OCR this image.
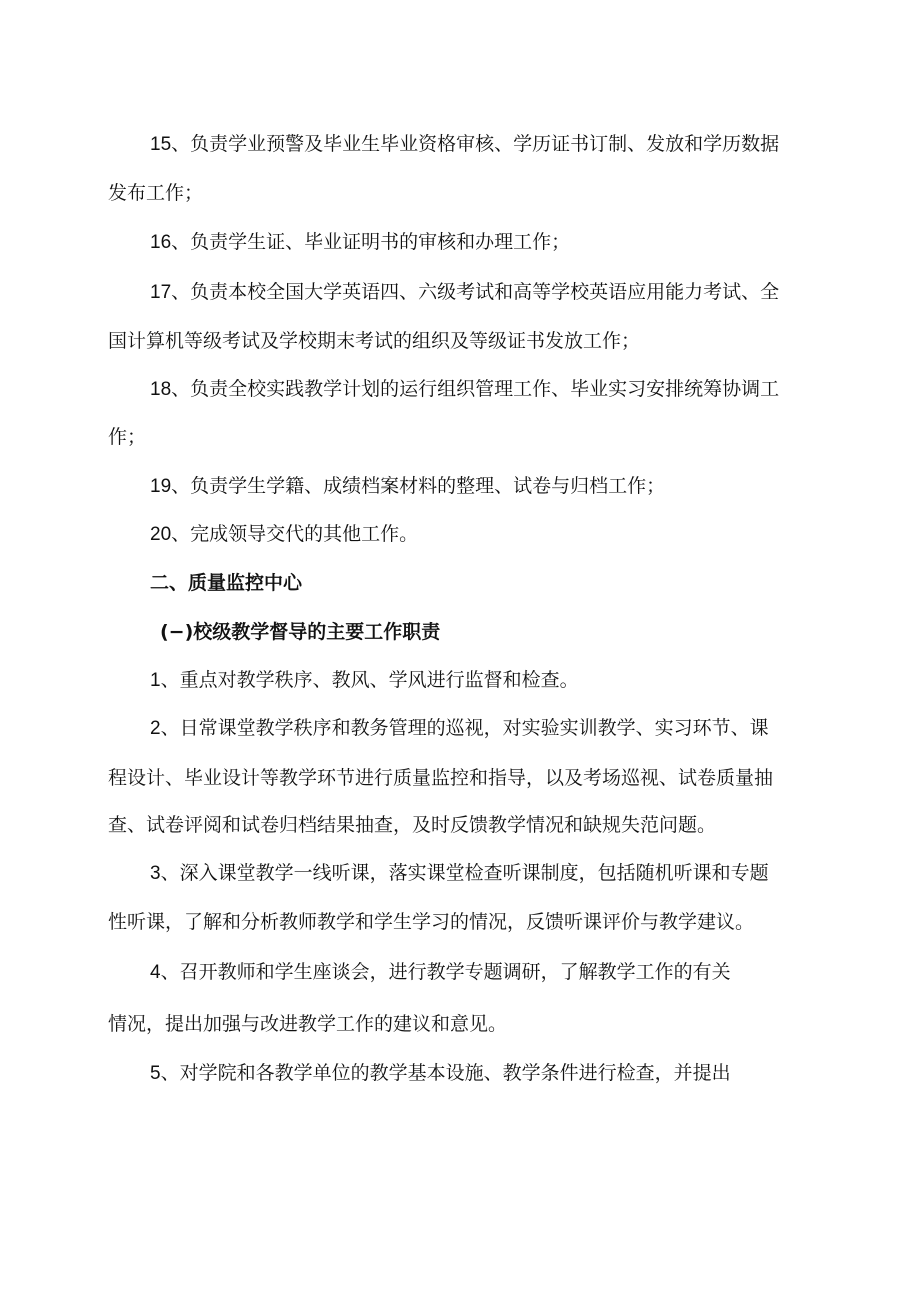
15、负责学业预警及毕业生毕业资格审核、学历证书订制、发放和学历数据
发布工作；
16、负责学生证、毕业证明书的审核和办理工作；
17、负责本校全国大学英语四、六级考试和高等学校英语应用能力考试、全
国计算机等级考试及学校期末考试的组织及等级证书发放工作；
18、负责全校实践教学计划的运行组织管理工作、毕业实习安排统筹协调工
作；
19、负责学生学籍、成绩档案材料的整理、试卷与归档工作；
20、完成领导交代的其他工作。
二、质量监控中心
(−)校级教学督导的主要工作职责
1、重点对教学秩序、教风、学风进行监督和检查。
2、日常课堂教学秩序和教务管理的巡视，对实验实训教学、实习环节、课
程设计、毕业设计等教学环节进行质量监控和指导，以及考场巡视、试卷质量抽
查、试卷评阅和试卷归档结果抽查，及时反馈教学情况和缺规失范问题。
3、深入课堂教学一线听课，落实课堂检查听课制度，包括随机听课和专题
性听课，了解和分析教师教学和学生学习的情况，反馈听课评价与教学建议。
4、召开教师和学生座谈会，进行教学专题调研，了解教学工作的有关
情况，提出加强与改进教学工作的建议和意见。
5、对学院和各教学单位的教学基本设施、教学条件进行检查，并提出
